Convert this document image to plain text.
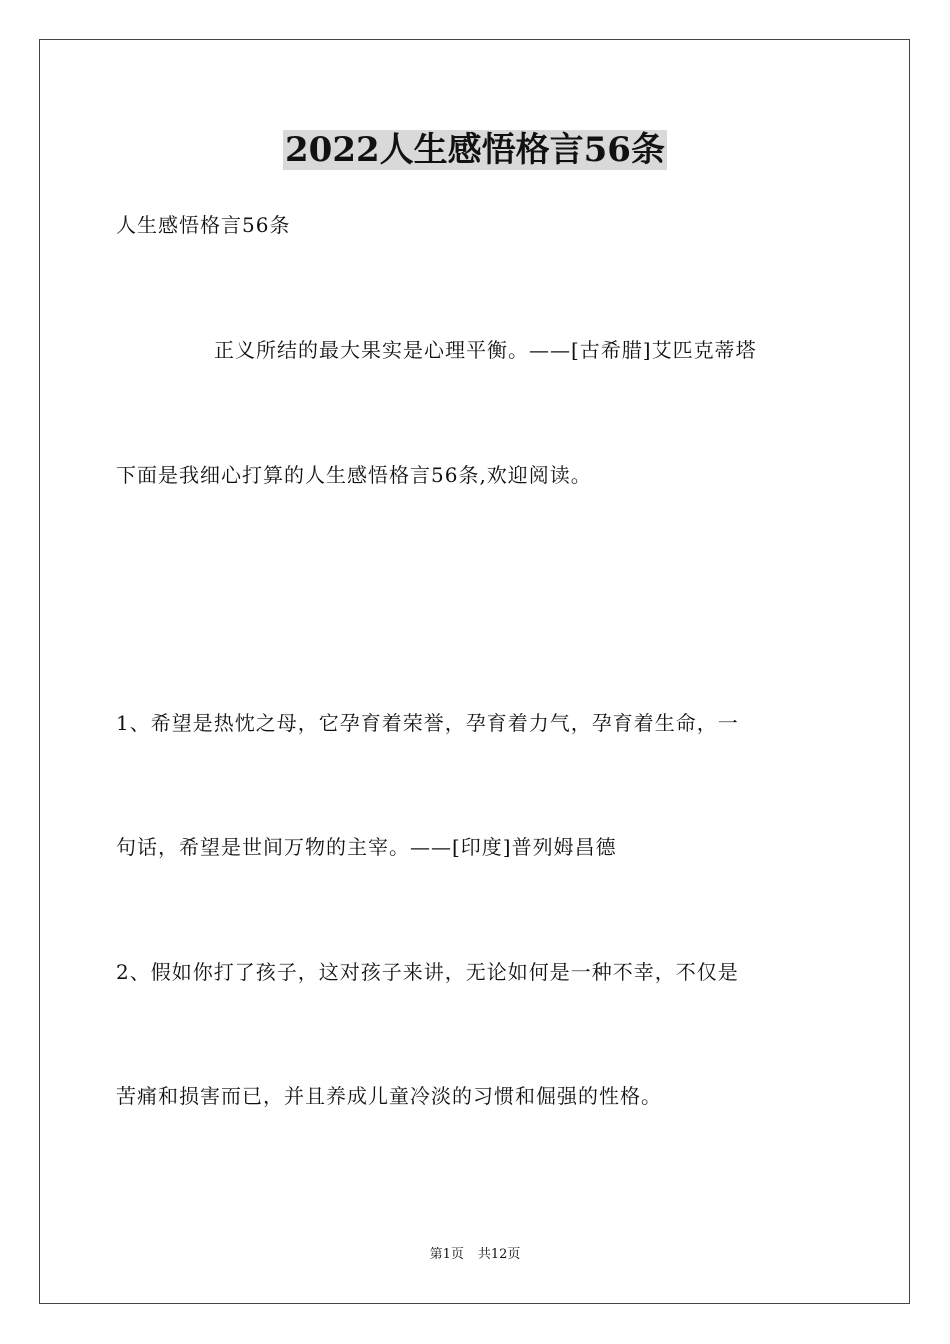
2022人生感悟格言56条
人生感悟格言56条
正义所结的最大果实是心理平衡。——[古希腊]艾匹克蒂塔
下面是我细心打算的人生感悟格言56条,欢迎阅读。
1、希望是热忱之母，它孕育着荣誉，孕育着力气，孕育着生命，一
句话，希望是世间万物的主宰。——[印度]普列姆昌德
2、假如你打了孩子，这对孩子来讲，无论如何是一种不幸，不仅是
苦痛和损害而已，并且养成儿童冷淡的习惯和倔强的性格。
第1页 共12页
